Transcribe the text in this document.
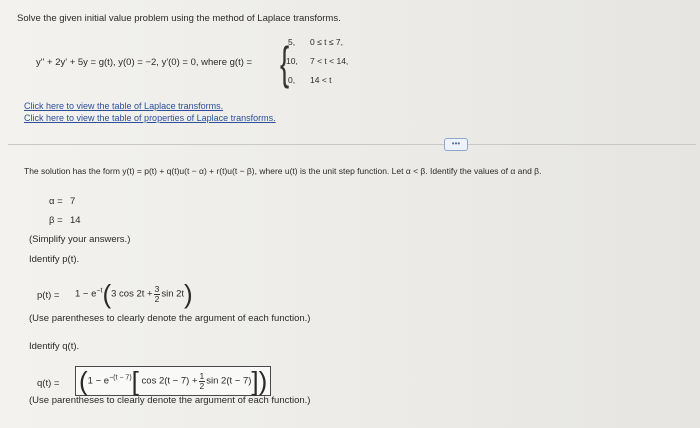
Solve the given initial value problem using the method of Laplace transforms.
y'' + 2y' + 5y = g(t), y(0) = −2, y'(0) = 0, where g(t) = {
5, 0 ≤ t ≤ 7,
10, 7 < t < 14,
0, 14 < t
Click here to view the table of Laplace transforms.
Click here to view the table of properties of Laplace transforms.
•••
The solution has the form y(t) = p(t) + q(t)u(t − α) + r(t)u(t − β), where u(t) is the unit step function. Let α < β. Identify the values of α and β.
α = 7
β = 14
(Simplify your answers.)
Identify p(t).
$p(t) = 1 - e^{-t}(3$ $\cos 2t + \frac{3}{2}$ sin 2t)
(Use parentheses to clearly denote the argument of each function.)
Identify q(t).
$q(t) = (1 - e^{-(t - 7)}$[ $\cos 2(t - 7) + \frac{1}{2}$ sin 2(t − 7)])
(Use parentheses to clearly denote the argument of each function.)
